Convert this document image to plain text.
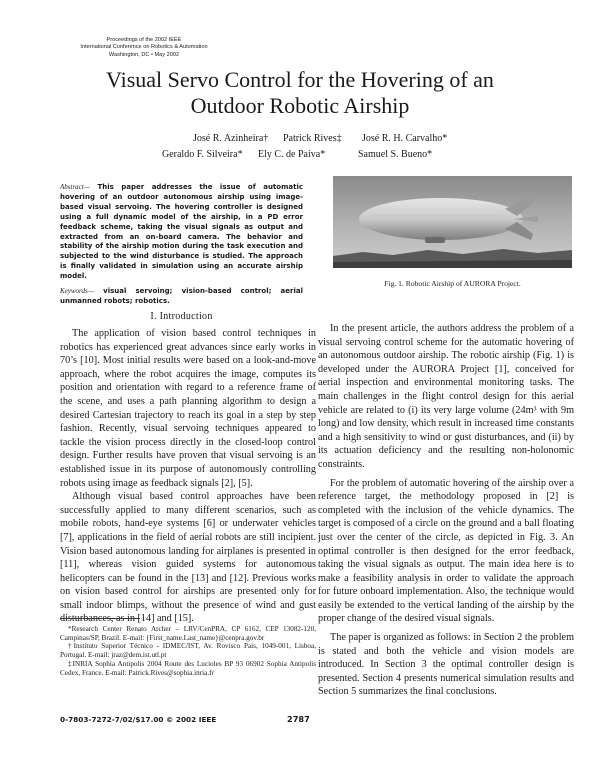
Proceedings of the 2002 IEEE
International Conference on Robotics & Automation
Washington, DC • May 2002
Visual Servo Control for the Hovering of an
Outdoor Robotic Airship
José R. Azinheira† Patrick Rives‡ José R. H. Carvalho*
Geraldo F. Silveira* Ely C. de Paiva*	Samuel S. Bueno*
Abstract— This paper addresses the issue of automatic hovering of an outdoor autonomous airship using image-based visual servoing. The hovering controller is designed using a full dynamic model of the airship, in a PD error feedback scheme, taking the visual signals as output and extracted from an on-board camera. The behavior and stability of the airship motion during the task execution and subjected to the wind disturbance is studied. The approach is finally validated in simulation using an accurate airship model.
Keywords— visual servoing; vision-based control; aerial unmanned robots; robotics.
Fig. 1. Robotic Airship of AURORA Project.
I. Introduction

The application of vision based control techniques in robotics has experienced great advances since early works in 70’s [10]. Most initial results were based on a look-and-move approach, where the robot acquires the image, computes its position and orientation with regard to a reference frame of the scene, and uses a path planning algorithm to design a desired Cartesian trajectory to reach its goal in a step by step fashion. Recently, visual servoing techniques appeared to tackle the vision process directly in the closed-loop control design. Further results have proven that visual servoing is an established issue in its purpose of autonomously controlling robots using image as feedback signals [2], [5].

Although visual based control approaches have been successfully applied to many different scenarios, such as mobile robots, hand-eye systems [6] or underwater vehicles [7], applications in the field of aerial robots are still incipient. Vision based autonomous landing for airplanes is presented in [11], whereas vision guided systems for autonomous helicopters can be found in the [13] and [12]. Previous works on vision based control for airships are presented only for small indoor blimps, without the presence of wind and gust disturbances, as in [14] and [15].

*Research Center Renato Archer – LRV/CenPRA, CP 6162, CEP 13082-120, Campinas/SP, Brazil. E-mail: {First_name.Last_name}@cenpra.gov.br

†Instituto Superior Técnico - IDMEC/IST, Av. Rovisco Pais, 1049-001, Lisboa, Portugal. E-mail: jraz@dem.ist.utl.pt

‡INRIA Sophia Antipolis 2004 Route des Lucioles BP 93 06902 Sophia Antipolis Cedex, France. E-mail: Patrick.Rives@sophia.inria.fr

In the present article, the authors address the problem of a visual servoing control scheme for the automatic hovering of an autonomous outdoor airship. The robotic airship (Fig. 1) is developed under the AURORA Project [1], conceived for aerial inspection and environmental monitoring tasks. The main challenges in the flight control design for this aerial vehicle are related to (i) its very large volume (24m³ with 9m long) and low density, which result in increased time constants and a high sensitivity to wind or gust disturbances, and (ii) by its actuation deficiency and the resulting non-holonomic constraints.

For the problem of automatic hovering of the airship over a reference target, the methodology proposed in [2] is completed with the inclusion of the vehicle dynamics. The target is composed of a circle on the ground and a ball floating just over the center of the circle, as depicted in Fig. 3. An optimal controller is then designed for the error feedback, taking the visual signals as output. The main idea here is to make a feasibility analysis in order to validate the approach for future onboard implementation. Also, the technique would easily be extended to the vertical landing of the airship by the proper change of the desired visual signals.

The paper is organized as follows: in Section 2 the problem is stated and both the vehicle and vision models are introduced. In Section 3 the optimal controller design is presented. Section 4 presents numerical simulation results and Section 5 summarizes the final conclusions.

0-7803-7272-7/02/$17.00 © 2002 IEEE	2787
